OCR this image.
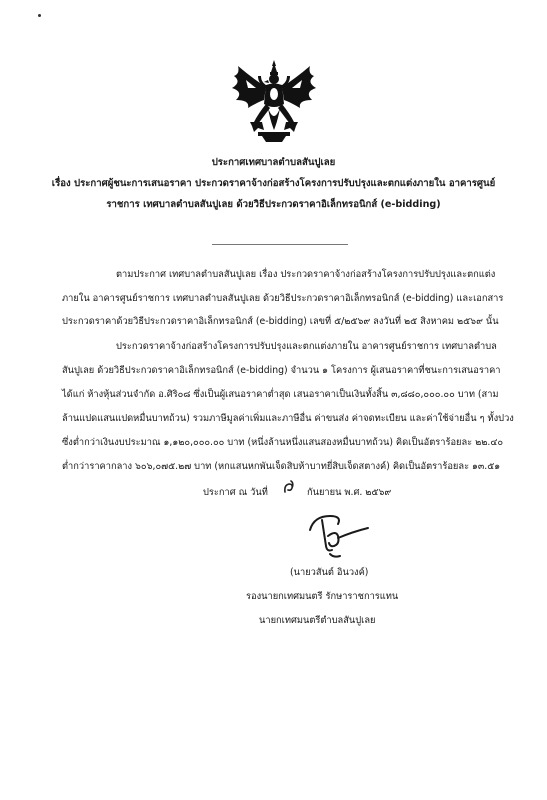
ประกาศเทศบาลตำบลสันปูเลย
เรื่อง ประกาศผู้ชนะการเสนอราคา ประกวดราคาจ้างก่อสร้างโครงการปรับปรุงและตกแต่งภายใน อาคารศูนย์
ราชการ เทศบาลตำบลสันปูเลย ด้วยวิธีประกวดราคาอิเล็กทรอนิกส์ (e-bidding)
ตามประกาศ เทศบาลตำบลสันปูเลย เรื่อง ประกวดราคาจ้างก่อสร้างโครงการปรับปรุงและตกแต่ง
ภายใน อาคารศูนย์ราชการ เทศบาลตำบลสันปูเลย ด้วยวิธีประกวดราคาอิเล็กทรอนิกส์ (e-bidding) และเอกสาร
ประกวดราคาด้วยวิธีประกวดราคาอิเล็กทรอนิกส์ (e-bidding) เลขที่ ๕/๒๕๖๙ ลงวันที่ ๒๕ สิงหาคม ๒๕๖๙ นั้น
ประกวดราคาจ้างก่อสร้างโครงการปรับปรุงและตกแต่งภายใน อาคารศูนย์ราชการ เทศบาลตำบล
สันปูเลย ด้วยวิธีประกวดราคาอิเล็กทรอนิกส์ (e-bidding) จำนวน ๑ โครงการ ผู้เสนอราคาที่ชนะการเสนอราคา
ได้แก่ ห้างหุ้นส่วนจำกัด อ.ศิริ๐๘ ซึ่งเป็นผู้เสนอราคาต่ำสุด เสนอราคาเป็นเงินทั้งสิ้น ๓,๘๘๐,๐๐๐.๐๐ บาท (สาม
ล้านแปดแสนแปดหมื่นบาทถ้วน) รวมภาษีมูลค่าเพิ่มและภาษีอื่น ค่าขนส่ง ค่าจดทะเบียน และค่าใช้จ่ายอื่น ๆ ทั้งปวง
ซึ่งต่ำกว่าเงินงบประมาณ ๑,๑๒๐,๐๐๐.๐๐ บาท (หนึ่งล้านหนึ่งแสนสองหมื่นบาทถ้วน) คิดเป็นอัตราร้อยละ ๒๒.๔๐
ต่ำกว่าราคากลาง ๖๐๖,๐๗๕.๒๗ บาท (หกแสนหกพันเจ็ดสิบห้าบาทยี่สิบเจ็ดสตางค์) คิดเป็นอัตราร้อยละ ๑๓.๕๑
ประกาศ ณ วันที่	กันยายน พ.ศ. ๒๕๖๙
(นายวสันต์ อินวงค์)
รองนายกเทศมนตรี รักษาราชการแทน
นายกเทศมนตรีตำบลสันปูเลย
